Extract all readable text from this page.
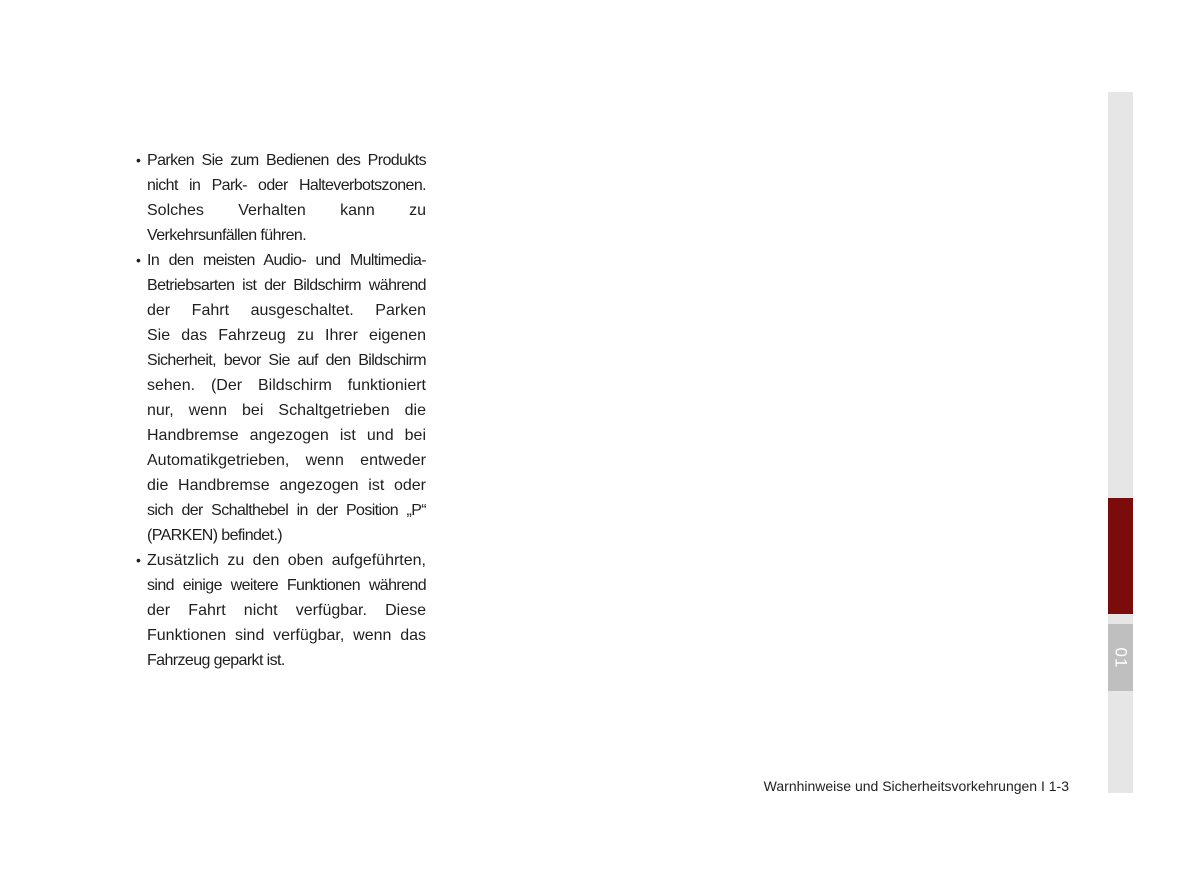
• Parken Sie zum Bedienen des Produkts
nicht in Park- oder Halteverbotszonen.
Solches Verhalten kann zu
Verkehrsunfällen führen.
• In den meisten Audio- und Multimedia-
Betriebsarten ist der Bildschirm während
der Fahrt ausgeschaltet. Parken
Sie das Fahrzeug zu Ihrer eigenen
Sicherheit, bevor Sie auf den Bildschirm
sehen. (Der Bildschirm funktioniert
nur, wenn bei Schaltgetrieben die
Handbremse angezogen ist und bei
Automatikgetrieben, wenn entweder
die Handbremse angezogen ist oder
sich der Schalthebel in der Position „P“
(PARKEN) befindet.)
• Zusätzlich zu den oben aufgeführten,
sind einige weitere Funktionen während
der Fahrt nicht verfügbar. Diese
Funktionen sind verfügbar, wenn das
Fahrzeug geparkt ist.	01
Warnhinweise und Sicherheitsvorkehrungen I 1-3
